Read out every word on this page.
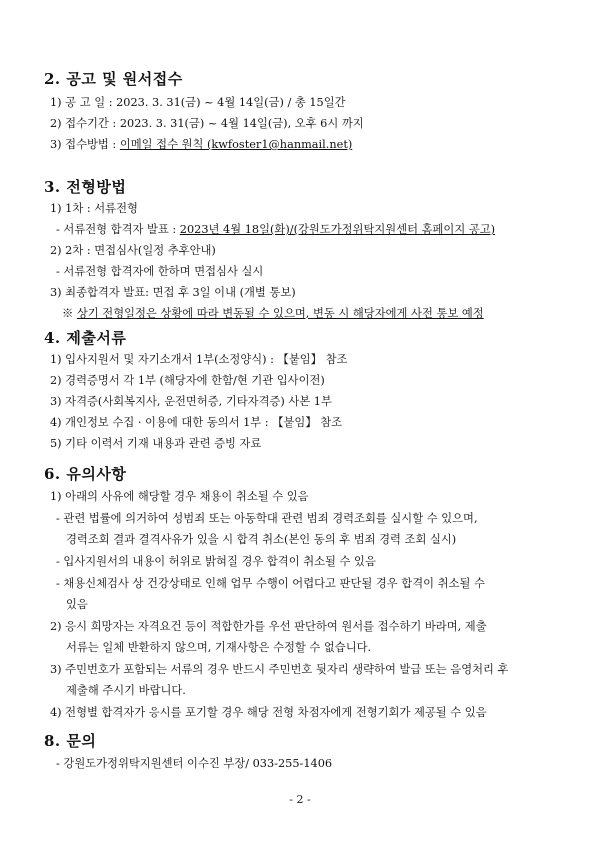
2. 공고 및 원서접수
1) 공 고 일 : 2023. 3. 31(금) ~ 4월 14일(금) / 총 15일간
2) 접수기간 : 2023. 3. 31(금) ~ 4월 14일(금), 오후 6시 까지
3) 접수방법 : 이메일 접수 원칙 (kwfoster1@hanmail.net)
3. 전형방법
1) 1차 : 서류전형
- 서류전형 합격자 발표 : 2023년 4월 18일(화)/(강원도가정위탁지원센터 홈페이지 공고)
2) 2차 : 면접심사(일정 추후안내)
- 서류전형 합격자에 한하며 면접심사 실시
3) 최종합격자 발표: 면접 후 3일 이내 (개별 통보)
※ 상기 전형일정은 상황에 따라 변동될 수 있으며, 변동 시 해당자에게 사전 통보 예정
4. 제출서류
1) 입사지원서 및 자기소개서 1부(소정양식) : 【붙임】 참조
2) 경력증명서 각 1부 (해당자에 한함/현 기관 입사이전)
3) 자격증(사회복지사, 운전면허증, 기타자격증) 사본 1부
4) 개인정보 수집 · 이용에 대한 동의서 1부 : 【붙임】 참조
5) 기타 이력서 기재 내용과 관련 증빙 자료
6. 유의사항
1) 아래의 사유에 해당할 경우 채용이 취소될 수 있음
- 관련 법률에 의거하여 성범죄 또는 아동학대 관련 범죄 경력조회를 실시할 수 있으며,
경력조회 결과 결격사유가 있을 시 합격 취소(본인 동의 후 범죄 경력 조회 실시)
- 입사지원서의 내용이 허위로 밝혀질 경우 합격이 취소될 수 있음
- 채용신체검사 상 건강상태로 인해 업무 수행이 어렵다고 판단될 경우 합격이 취소될 수
있음
2) 응시 희망자는 자격요건 등이 적합한가를 우선 판단하여 원서를 접수하기 바라며, 제출
서류는 일체 반환하지 않으며, 기재사항은 수정할 수 없습니다.
3) 주민번호가 포함되는 서류의 경우 반드시 주민번호 뒷자리 생략하여 발급 또는 음영처리 후
제출해 주시기 바랍니다.
4) 전형별 합격자가 응시를 포기할 경우 해당 전형 차점자에게 전형기회가 제공될 수 있음
8. 문의
- 강원도가정위탁지원센터 이수진 부장/ 033-255-1406
- 2 -
